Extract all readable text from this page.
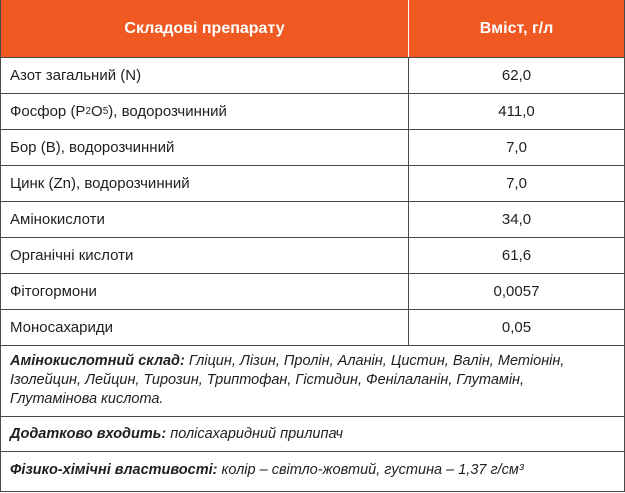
Складові препарату	Вміст, г/л
Азот загальний (N)	62,0
Фосфор (P 2 O 5 ), водорозчинний	411,0
Бор (B), водорозчинний	7,0
Цинк (Zn), водорозчинний	7,0
Амінокислоти	34,0
Органічні кислоти	61,6
Фітогормони	0,0057
Моносахариди	0,05
Амінокислотний склад: Гліцин, Лізин, Пролін, Аланін, Цистин, Валін, Метіонін, Ізолейцин, Лейцин, Тирозин, Триптофан, Гістидин, Фенілаланін, Глутамін, Глутамінова кислота.
Додатково входить: полісахаридний прилипач
Фізико-хімічні властивості: колір – світло-жовтий, густина – 1,37 г/см³
